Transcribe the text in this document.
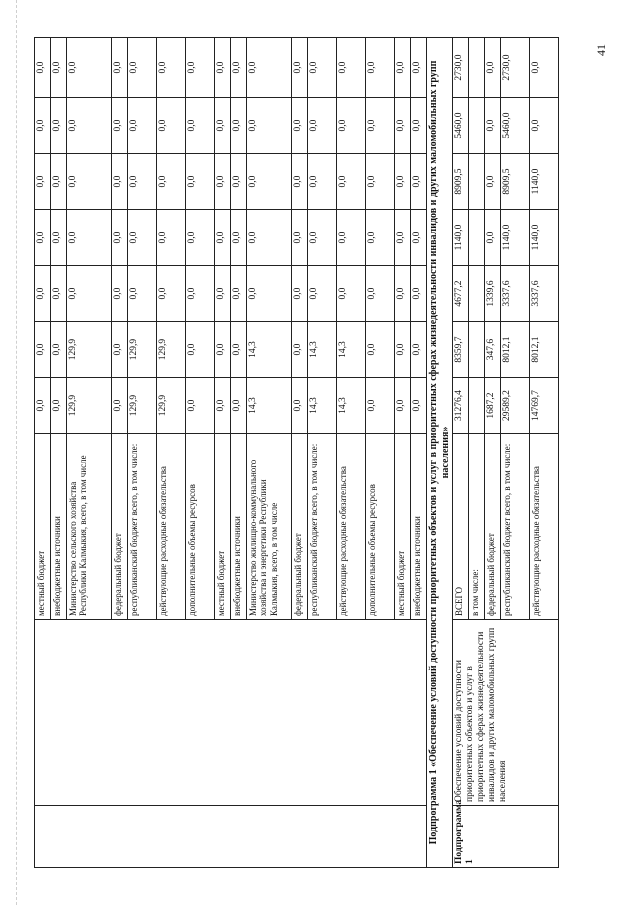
41
		местный бюджет	0,0	0,0	0,0	0,0	0,0	0,0	0,0
		внебюджетные источники	0,0	0,0	0,0	0,0	0,0	0,0	0,0
		Министерство сельского хозяйства Республики Калмыкия, всего, в том числе	129,9	129,9	0,0	0,0	0,0	0,0	0,0
		федеральный бюджет	0,0	0,0	0,0	0,0	0,0	0,0	0,0
		республиканский бюджет всего, в том числе:	129,9	129,9	0,0	0,0	0,0	0,0	0,0
		действующие расходные обязательства	129,9	129,9	0,0	0,0	0,0	0,0	0,0
		дополнительные объемы ресурсов	0,0	0,0	0,0	0,0	0,0	0,0	0,0
		местный бюджет	0,0	0,0	0,0	0,0	0,0	0,0	0,0
		внебюджетные источники	0,0	0,0	0,0	0,0	0,0	0,0	0,0
		Министерство жилищно-коммунального хозяйства и энергетики Республики Калмыкия, всего, в том числе	14,3	14,3	0,0	0,0	0,0	0,0	0,0
		федеральный бюджет	0,0	0,0	0,0	0,0	0,0	0,0	0,0
		республиканский бюджет всего, в том числе:	14,3	14,3	0,0	0,0	0,0	0,0	0,0
		действующие расходные обязательства	14,3	14,3	0,0	0,0	0,0	0,0	0,0
		дополнительные объемы ресурсов	0,0	0,0	0,0	0,0	0,0	0,0	0,0
		местный бюджет	0,0	0,0	0,0	0,0	0,0	0,0	0,0
		внебюджетные источники	0,0	0,0	0,0	0,0	0,0	0,0	0,0
Подпрограмма 1 «Обеспечение условий доступности приоритетных объектов и услуг в приоритетных сферах жизнедеятельности инвалидов и других маломобильных групп населения»									
Подпрограмма 1	Обеспечение условий доступности приоритетных объектов и услуг в приоритетных сферах жизнедеятельности инвалидов и других маломобильных групп населения	ВСЕГО	31276,4	8359,7	4677,2	1140,0	8909,5	5460,0	2730,0
		в том числе:							
		федеральный бюджет	1687,2	347,6	1339,6	0,0	0,0	0,0	0,0
		республиканский бюджет всего, в том числе:	29589,2	8012,1	3337,6	1140,0	8909,5	5460,0	2730,0
		действующие расходные обязательства	14769,7	8012,1	3337,6	1140,0	1140,0	0,0	0,0
